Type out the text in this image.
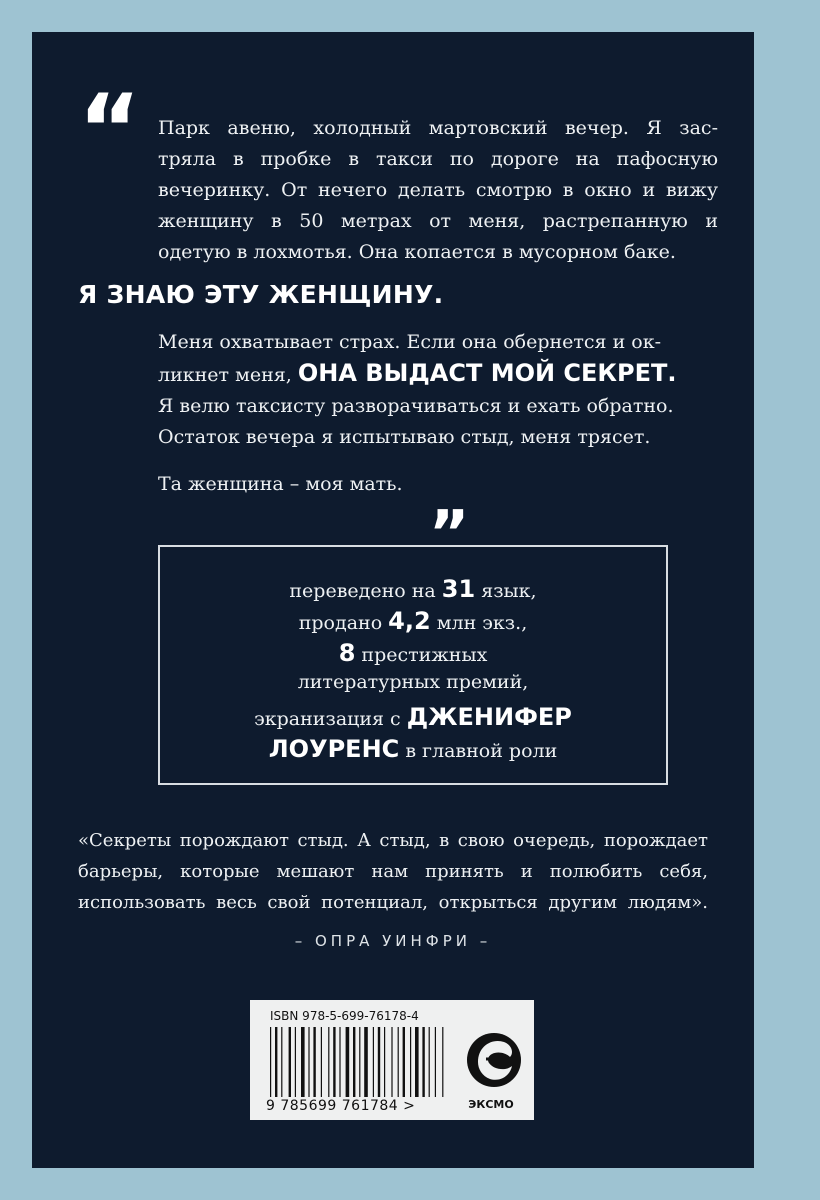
“ Парк авеню, холодный мартовский вечер. Я зас-
тряла в пробке в такси по дороге на пафосную
вечеринку. От нечего делать смотрю в окно и вижу
женщину в 50 метрах от меня, растрепанную и
одетую в лохмотья. Она копается в мусорном баке.
Я ЗНАЮ ЭТУ ЖЕНЩИНУ.
Меня охватывает страх. Если она обернется и ок-
ликнет меня, ОНА ВЫДАСТ МОЙ СЕКРЕТ.
Я велю таксисту разворачиваться и ехать обратно.
Остаток вечера я испытываю стыд, меня трясет.
Та женщина – моя мать. „
переведено на 31 язык,
продано 4,2 млн экз.,
8 престижных
литературных премий,
экранизация с ДЖЕНИФЕР
ЛОУРЕНС в главной роли
«Секреты порождают стыд. А стыд, в свою очередь, порождает
барьеры, которые мешают нам принять и полюбить себя,
использовать весь свой потенциал, открыться другим людям».
– ОПРА УИНФРИ –
ISBN 978-5-699-76178-4
9 785699 761784 >	ЭКСМО
